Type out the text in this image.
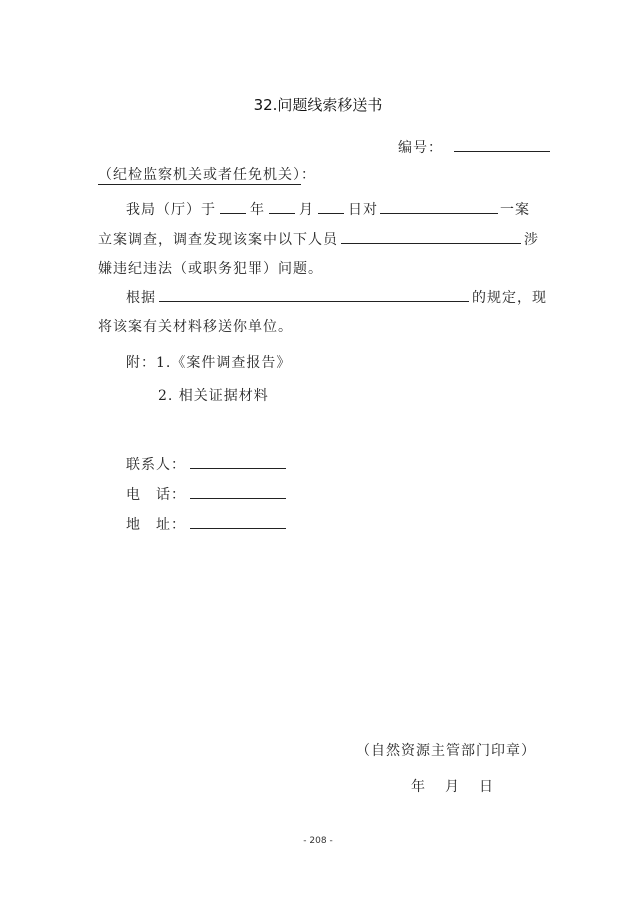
32.问题线索移送书
编号：
（纪检监察机关或者任免机关）：
我局（厅）于 年 月 日对	一案
立案调查，调查发现该案中以下人员	涉
嫌违纪违法（或职务犯罪）问题。
根据	的规定，现
将该案有关材料移送你单位。
附：1.《案件调查报告》
2. 相关证据材料
联系人：
电　话：
地　址：
（自然资源主管部门印章）
年　月　日
- 208 -
